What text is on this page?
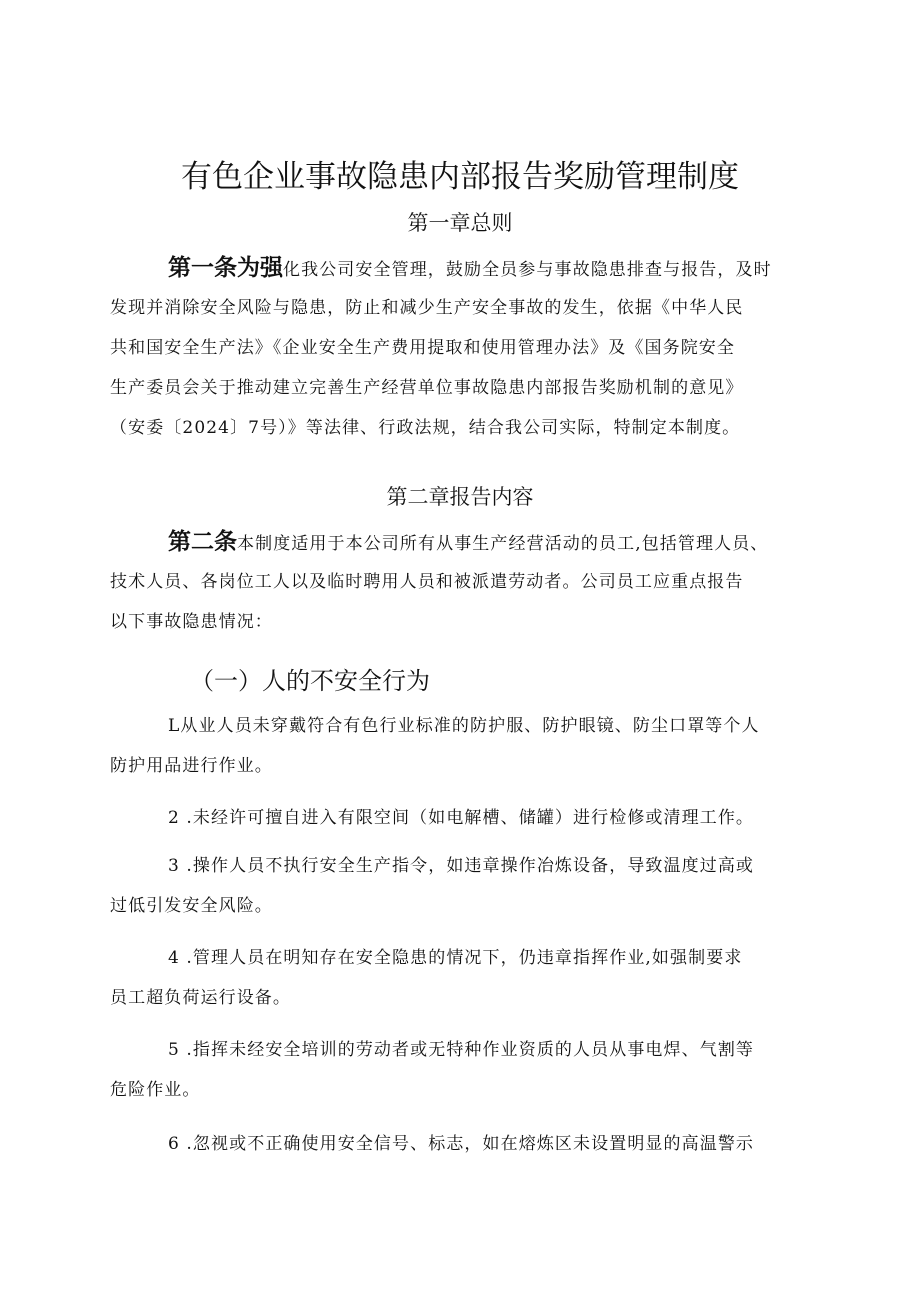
有色企业事故隐患内部报告奖励管理制度
第一章总则
第一条为强化我公司安全管理，鼓励全员参与事故隐患排查与报告，及时
发现并消除安全风险与隐患，防止和减少生产安全事故的发生，依据《中华人民
共和国安全生产法》《企业安全生产费用提取和使用管理办法》及《国务院安全
生产委员会关于推动建立完善生产经营单位事故隐患内部报告奖励机制的意见》
（安委〔2024〕7号）》等法律、行政法规，结合我公司实际，特制定本制度。
第二章报告内容
第二条本制度适用于本公司所有从事生产经营活动的员工,包括管理人员、
技术人员、各岗位工人以及临时聘用人员和被派遣劳动者。公司员工应重点报告
以下事故隐患情况：
（一）人的不安全行为
L从业人员未穿戴符合有色行业标准的防护服、防护眼镜、防尘口罩等个人
防护用品进行作业。
2 .未经许可擅自进入有限空间（如电解槽、储罐）进行检修或清理工作。
3 .操作人员不执行安全生产指令，如违章操作冶炼设备，导致温度过高或
过低引发安全风险。
4 .管理人员在明知存在安全隐患的情况下，仍违章指挥作业,如强制要求
员工超负荷运行设备。
5 .指挥未经安全培训的劳动者或无特种作业资质的人员从事电焊、气割等
危险作业。
6 .忽视或不正确使用安全信号、标志，如在熔炼区未设置明显的高温警示
